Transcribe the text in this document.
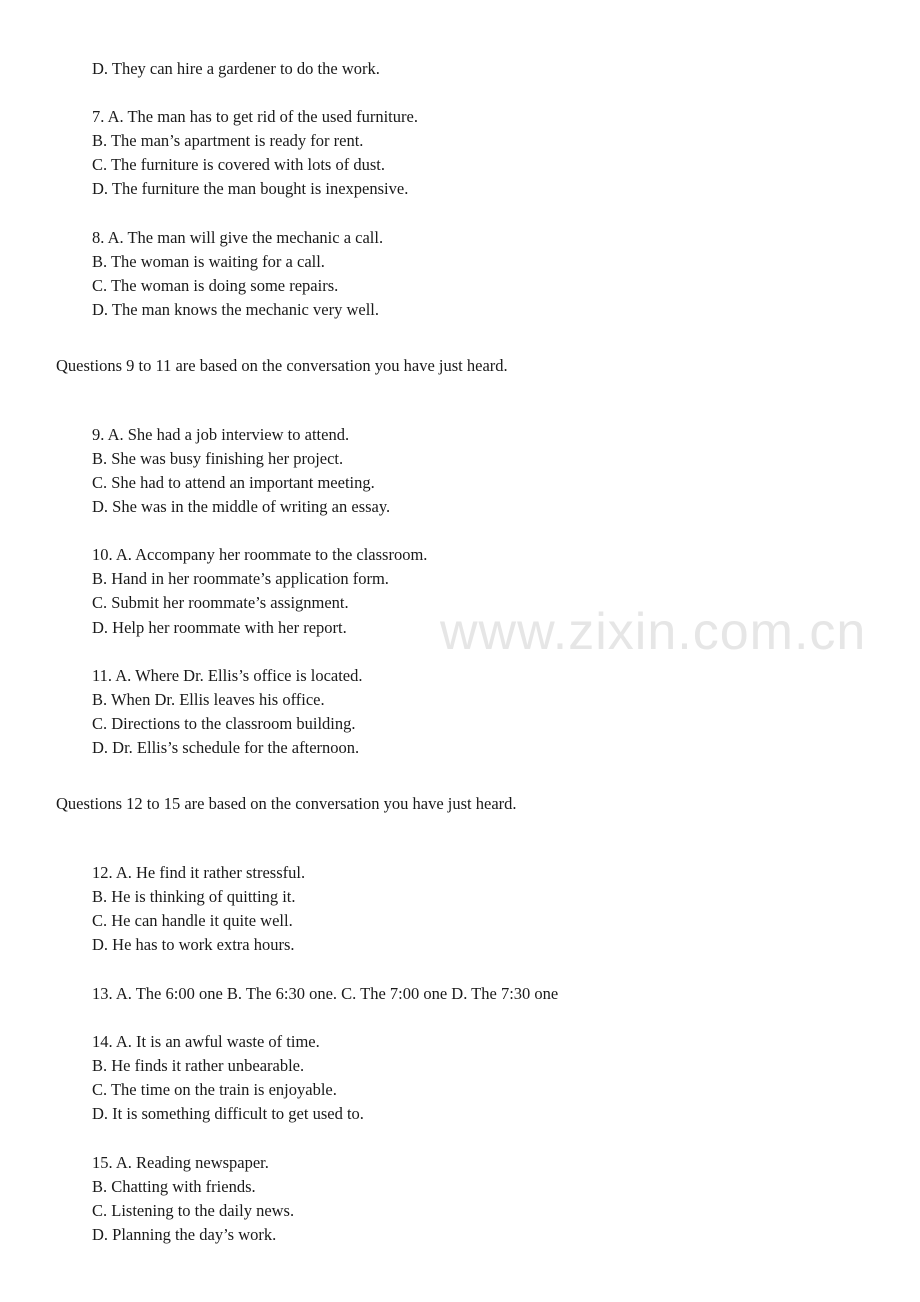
www.zixin.com.cn
D. They can hire a gardener to do the work.
7. A. The man has to get rid of the used furniture.
B. The man’s apartment is ready for rent.
C. The furniture is covered with lots of dust.
D. The furniture the man bought is inexpensive.
8. A. The man will give the mechanic a call.
B. The woman is waiting for a call.
C. The woman is doing some repairs.
D. The man knows the mechanic very well.
Questions 9 to 11 are based on the conversation you have just heard.
9. A. She had a job interview to attend.
B. She was busy finishing her project.
C. She had to attend an important meeting.
D. She was in the middle of writing an essay.
10. A. Accompany her roommate to the classroom.
B. Hand in her roommate’s application form.
C. Submit her roommate’s assignment.
D. Help her roommate with her report.
11. A. Where Dr. Ellis’s office is located.
B. When Dr. Ellis leaves his office.
C. Directions to the classroom building.
D. Dr. Ellis’s schedule for the afternoon.
Questions 12 to 15 are based on the conversation you have just heard.
12. A. He find it rather stressful.
B. He is thinking of quitting it.
C. He can handle it quite well.
D. He has to work extra hours.
13. A. The 6:00 one B. The 6:30 one. C. The 7:00 one D. The 7:30 one
14. A. It is an awful waste of time.
B. He finds it rather unbearable.
C. The time on the train is enjoyable.
D. It is something difficult to get used to.
15. A. Reading newspaper.
B. Chatting with friends.
C. Listening to the daily news.
D. Planning the day’s work.
